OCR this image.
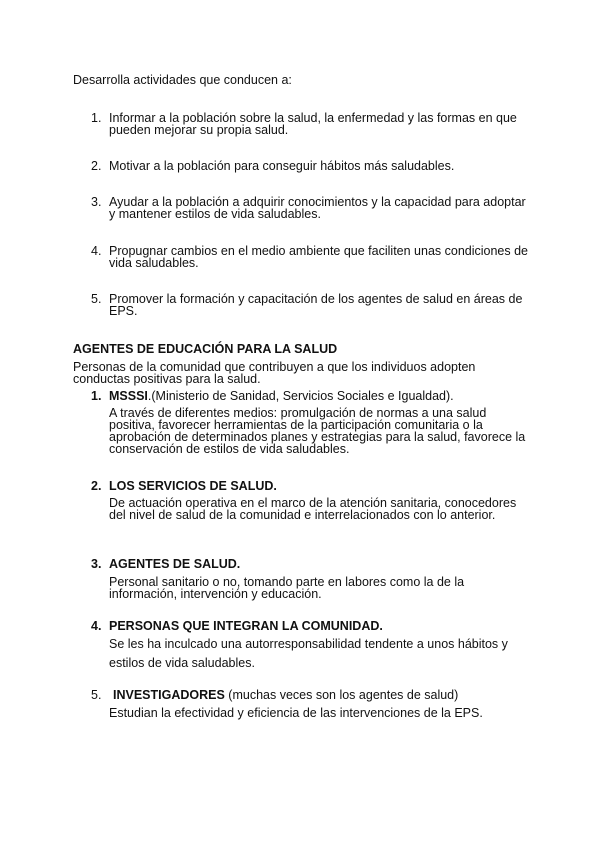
Desarrolla actividades que conducen a:
1. Informar a la población sobre la salud, la enfermedad y las formas en que pueden mejorar su propia salud.
2. Motivar a la población para conseguir hábitos más saludables.
3. Ayudar a la población a adquirir conocimientos y la capacidad para adoptar y mantener estilos de vida saludables.
4. Propugnar cambios en el medio ambiente que faciliten unas condiciones de vida saludables.
5. Promover la formación y capacitación de los agentes de salud en áreas de EPS.
AGENTES DE EDUCACIÓN PARA LA SALUD
Personas de la comunidad que contribuyen a que los individuos adopten conductas positivas para la salud.
1. MSSSI.(Ministerio de Sanidad, Servicios Sociales e Igualdad).
A través de diferentes medios: promulgación de normas a una salud positiva, favorecer herramientas de la participación comunitaria o la aprobación de determinados planes y estrategias para la salud, favorece la conservación de estilos de vida saludables.
2. LOS SERVICIOS DE SALUD.
De actuación operativa en el marco de la atención sanitaria, conocedores del nivel de salud de la comunidad e interrelacionados con lo anterior.
3. AGENTES DE SALUD.
Personal sanitario o no, tomando parte en labores como la de la información, intervención y educación.
4. PERSONAS QUE INTEGRAN LA COMUNIDAD.
Se les ha inculcado una autorresponsabilidad tendente a unos hábitos y estilos de vida saludables.
5. INVESTIGADORES (muchas veces son los agentes de salud)
Estudian la efectividad y eficiencia de las intervenciones de la EPS.
